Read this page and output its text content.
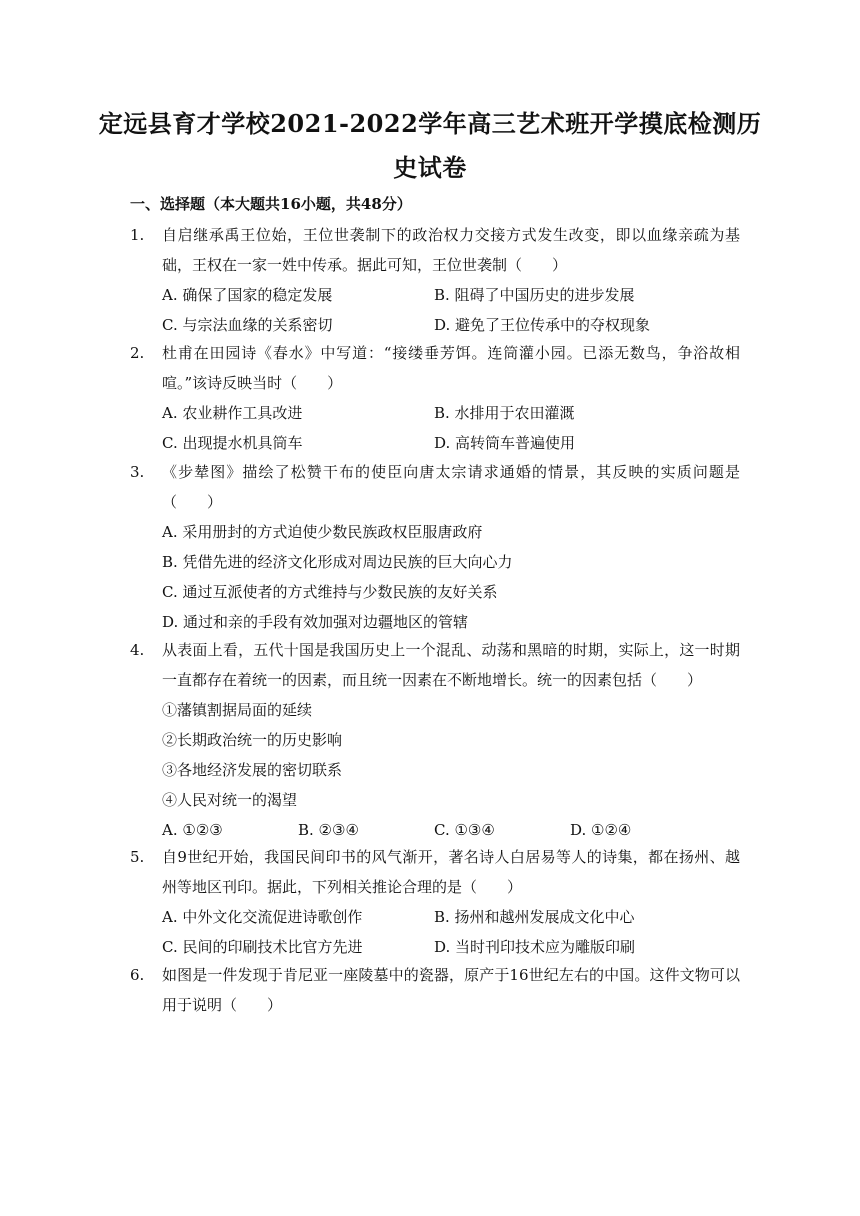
定远县育才学校2021-2022学年高三艺术班开学摸底检测历
史试卷
一、选择题（本大题共16小题，共48分）
1.	自启继承禹王位始，王位世袭制下的政治权力交接方式发生改变，即以血缘亲疏为基础，王权在一家一姓中传承。据此可知，王位世袭制（　　）
A. 确保了国家的稳定发展	B. 阻碍了中国历史的进步发展
C. 与宗法血缘的关系密切	D. 避免了王位传承中的夺权现象
2.	杜甫在田园诗《春水》中写道：“接缕垂芳饵。连筒灌小园。已添无数鸟，争浴故相喧。”该诗反映当时（　　）
A. 农业耕作工具改进	B. 水排用于农田灌溉
C. 出现提水机具筒车	D. 高转筒车普遍使用
3.	《步辇图》描绘了松赞干布的使臣向唐太宗请求通婚的情景，其反映的实质问题是（　　）
A. 采用册封的方式迫使少数民族政权臣服唐政府
B. 凭借先进的经济文化形成对周边民族的巨大向心力
C. 通过互派使者的方式维持与少数民族的友好关系
D. 通过和亲的手段有效加强对边疆地区的管辖
4.	从表面上看，五代十国是我国历史上一个混乱、动荡和黑暗的时期，实际上，这一时期一直都存在着统一的因素，而且统一因素在不断地增长。统一的因素包括（　　）
①藩镇割据局面的延续
②长期政治统一的历史影响
③各地经济发展的密切联系
④人民对统一的渴望
A. ①②③	B. ②③④	C. ①③④	D. ①②④
5.	自9世纪开始，我国民间印书的风气渐开，著名诗人白居易等人的诗集，都在扬州、越州等地区刊印。据此，下列相关推论合理的是（　　）
A. 中外文化交流促进诗歌创作	B. 扬州和越州发展成文化中心
C. 民间的印刷技术比官方先进	D. 当时刊印技术应为雕版印刷
6.	如图是一件发现于肯尼亚一座陵墓中的瓷器，原产于16世纪左右的中国。这件文物可以用于说明（　　）
